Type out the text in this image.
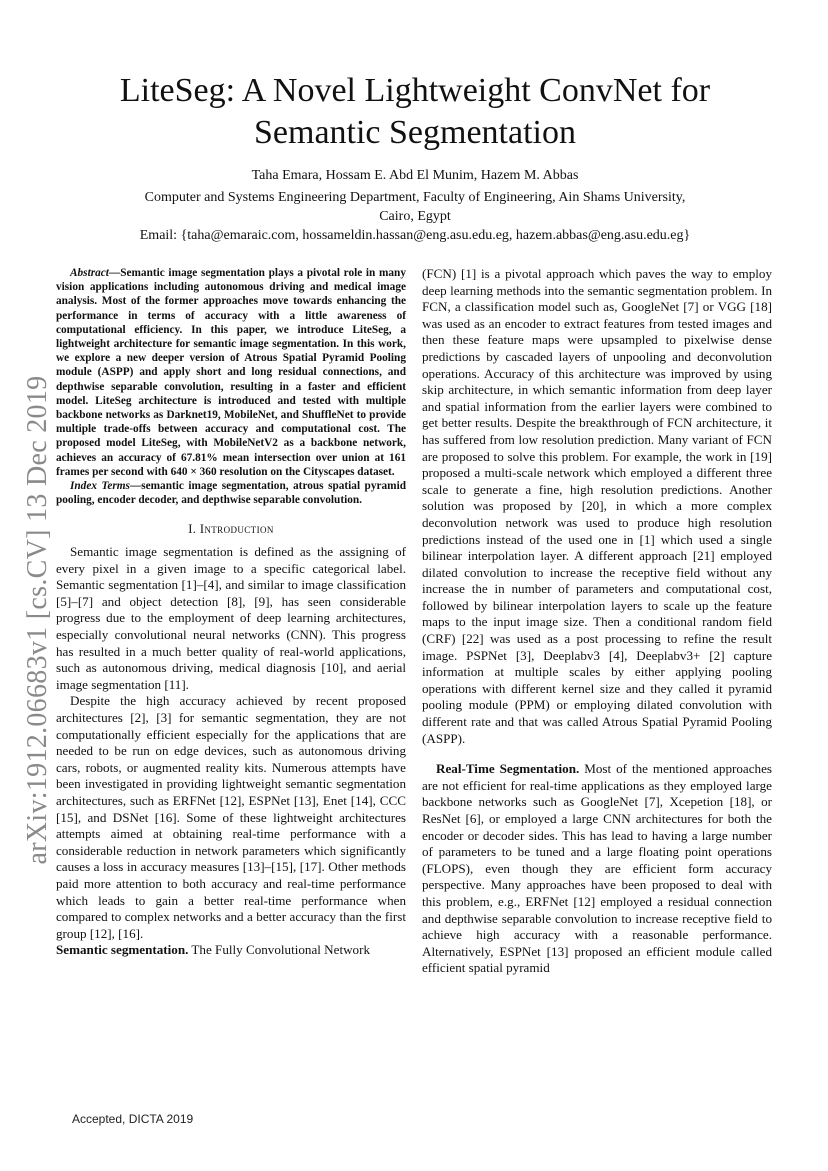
arXiv:1912.06683v1 [cs.CV] 13 Dec 2019
LiteSeg: A Novel Lightweight ConvNet for
Semantic Segmentation
Taha Emara, Hossam E. Abd El Munim, Hazem M. Abbas
Computer and Systems Engineering Department, Faculty of Engineering, Ain Shams University,
Cairo, Egypt
Email: {taha@emaraic.com, hossameldin.hassan@eng.asu.edu.eg, hazem.abbas@eng.asu.edu.eg}

Abstract—Semantic image segmentation plays a pivotal role in many vision applications including autonomous driving and medical image analysis. Most of the former approaches move towards enhancing the performance in terms of accuracy with a little awareness of computational efficiency. In this paper, we introduce LiteSeg, a lightweight architecture for semantic image segmentation. In this work, we explore a new deeper version of Atrous Spatial Pyramid Pooling module (ASPP) and apply short and long residual connections, and depthwise separable convolution, resulting in a faster and efficient model. LiteSeg architecture is introduced and tested with multiple backbone networks as Darknet19, MobileNet, and ShuffleNet to provide multiple trade-offs between accuracy and computational cost. The proposed model LiteSeg, with MobileNetV2 as a backbone network, achieves an accuracy of 67.81% mean intersection over union at 161 frames per second with 640 × 360 resolution on the Cityscapes dataset.

Index Terms—semantic image segmentation, atrous spatial pyramid pooling, encoder decoder, and depthwise separable convolution.

I. Introduction

Semantic image segmentation is defined as the assigning of every pixel in a given image to a specific categorical label. Semantic segmentation [1]–[4], and similar to image classification [5]–[7] and object detection [8], [9], has seen considerable progress due to the employment of deep learning architectures, especially convolutional neural networks (CNN). This progress has resulted in a much better quality of real-world applications, such as autonomous driving, medical diagnosis [10], and aerial image segmentation [11].

Despite the high accuracy achieved by recent proposed architectures [2], [3] for semantic segmentation, they are not computationally efficient especially for the applications that are needed to be run on edge devices, such as autonomous driving cars, robots, or augmented reality kits. Numerous attempts have been investigated in providing lightweight semantic segmentation architectures, such as ERFNet [12], ESPNet [13], Enet [14], CCC [15], and DSNet [16]. Some of these lightweight architectures attempts aimed at obtaining real-time performance with a considerable reduction in network parameters which significantly causes a loss in accuracy measures [13]–[15], [17]. Other methods paid more attention to both accuracy and real-time performance which leads to gain a better real-time performance when compared to complex networks and a better accuracy than the first group [12], [16].

Semantic segmentation. The Fully Convolutional Network

(FCN) [1] is a pivotal approach which paves the way to employ deep learning methods into the semantic segmentation problem. In FCN, a classification model such as, GoogleNet [7] or VGG [18] was used as an encoder to extract features from tested images and then these feature maps were upsampled to pixelwise dense predictions by cascaded layers of unpooling and deconvolution operations. Accuracy of this architecture was improved by using skip architecture, in which semantic information from deep layer and spatial information from the earlier layers were combined to get better results. Despite the breakthrough of FCN architecture, it has suffered from low resolution prediction. Many variant of FCN are proposed to solve this problem. For example, the work in [19] proposed a multi-scale network which employed a different three scale to generate a fine, high resolution predictions. Another solution was proposed by [20], in which a more complex deconvolution network was used to produce high resolution predictions instead of the used one in [1] which used a single bilinear interpolation layer. A different approach [21] employed dilated convolution to increase the receptive field without any increase the in number of parameters and computational cost, followed by bilinear interpolation layers to scale up the feature maps to the input image size. Then a conditional random field (CRF) [22] was used as a post processing to refine the result image. PSPNet [3], Deeplabv3 [4], Deeplabv3+ [2] capture information at multiple scales by either applying pooling operations with different kernel size and they called it pyramid pooling module (PPM) or employing dilated convolution with different rate and that was called Atrous Spatial Pyramid Pooling (ASPP).

Real-Time Segmentation. Most of the mentioned approaches are not efficient for real-time applications as they employed large backbone networks such as GoogleNet [7], Xcepetion [18], or ResNet [6], or employed a large CNN architectures for both the encoder or decoder sides. This has lead to having a large number of parameters to be tuned and a large floating point operations (FLOPS), even though they are efficient form accuracy perspective. Many approaches have been proposed to deal with this problem, e.g., ERFNet [12] employed a residual connection and depthwise separable convolution to increase receptive field to achieve high accuracy with a reasonable performance. Alternatively, ESPNet [13] proposed an efficient module called efficient spatial pyramid

Accepted, DICTA 2019
